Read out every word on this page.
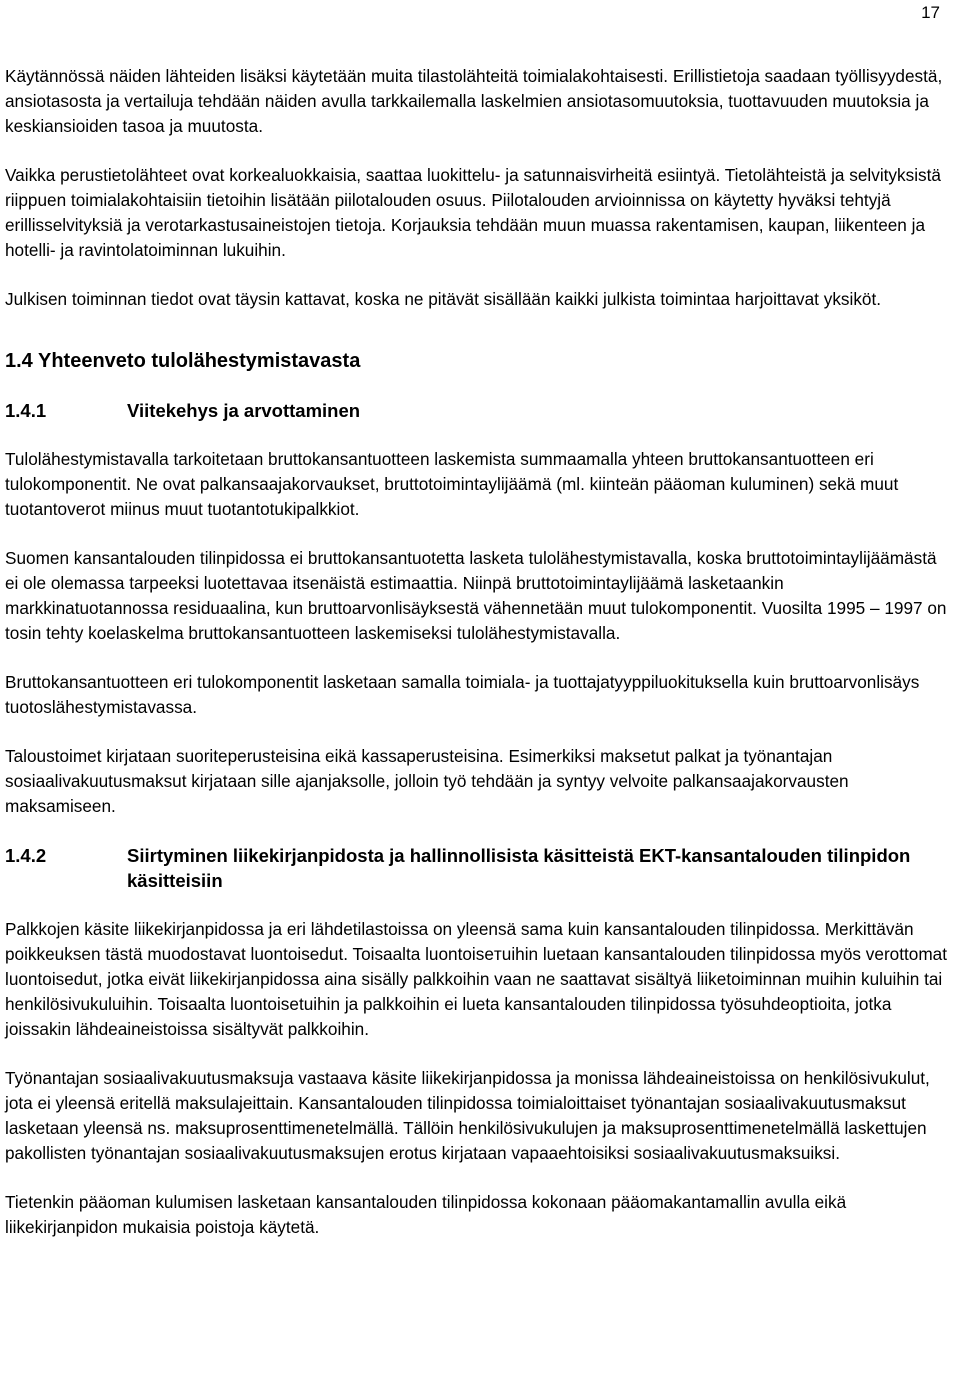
17

Käytännössä näiden lähteiden lisäksi käytetään muita tilastolähteitä toimialakohtaisesti. Erillistietoja saadaan työllisyydestä, ansiotasosta ja vertailuja tehdään näiden avulla tarkkailemalla laskelmien ansiotasomuutoksia, tuottavuuden muutoksia ja keskiansioiden tasoa ja muutosta.

Vaikka perustietolähteet ovat korkealuokkaisia, saattaa luokittelu- ja satunnaisvirheitä esiintyä. Tietolähteistä ja selvityksistä riippuen toimialakohtaisiin tietoihin lisätään piilotalouden osuus. Piilotalouden arvioinnissa on käytetty hyväksi tehtyjä erillisselvityksiä ja verotarkastusaineistojen tietoja. Korjauksia tehdään muun muassa rakentamisen, kaupan, liikenteen ja hotelli- ja ravintolatoiminnan lukuihin.

Julkisen toiminnan tiedot ovat täysin kattavat, koska ne pitävät sisällään kaikki julkista toimintaa harjoittavat yksiköt.

1.4 Yhteenveto tulolähestymistavasta
1.4.1	Viitekehys ja arvottaminen

Tulolähestymistavalla tarkoitetaan bruttokansantuotteen laskemista summaamalla yhteen bruttokansantuotteen eri tulokomponentit. Ne ovat palkansaajakorvaukset, bruttotoimintaylijäämä (ml. kiinteän pääoman kuluminen) sekä muut tuotantoverot miinus muut tuotantotukipalkkiot.

Suomen kansantalouden tilinpidossa ei bruttokansantuotetta lasketa tulolähestymistavalla, koska bruttotoimintaylijäämästä ei ole olemassa tarpeeksi luotettavaa itsenäistä estimaattia. Niinpä bruttotoimintaylijäämä lasketaankin markkinatuotannossa residuaalina, kun bruttoarvonlisäyksestä vähennetään muut tulokomponentit. Vuosilta 1995 – 1997 on tosin tehty koelaskelma bruttokansantuotteen laskemiseksi tulolähestymistavalla.

Bruttokansantuotteen eri tulokomponentit lasketaan samalla toimiala- ja tuottajatyyppiluokituksella kuin bruttoarvonlisäys tuotoslähestymistavassa.

Taloustoimet kirjataan suoriteperusteisina eikä kassaperusteisina. Esimerkiksi maksetut palkat ja työnantajan sosiaalivakuutusmaksut kirjataan sille ajanjaksolle, jolloin työ tehdään ja syntyy velvoite palkansaajakorvausten maksamiseen.

1.4.2	Siirtyminen liikekirjanpidosta ja hallinnollisista käsitteistä EKT-kansantalouden tilinpidon käsitteisiin

Palkkojen käsite liikekirjanpidossa ja eri lähdetilastoissa on yleensä sama kuin kansantalouden tilinpidossa. Merkittävän poikkeuksen tästä muodostavat luontoisedut. Toisaalta luontoiseтuihin luetaan kansantalouden tilinpidossa myös verottomat luontoisedut, jotka eivät liikekirjanpidossa aina sisälly palkkoihin vaan ne saattavat sisältyä liiketoiminnan muihin kuluihin tai henkilösivukuluihin. Toisaalta luontoisetuihin ja palkkoihin ei lueta kansantalouden tilinpidossa työsuhdeoptioita, jotka joissakin lähdeaineistoissa sisältyvät palkkoihin.

Työnantajan sosiaalivakuutusmaksuja vastaava käsite liikekirjanpidossa ja monissa lähdeaineistoissa on henkilösivukulut, jota ei yleensä eritellä maksulajeittain. Kansantalouden tilinpidossa toimialoittaiset työnantajan sosiaalivakuutusmaksut lasketaan yleensä ns. maksuprosenttimenetelmällä. Tällöin henkilösivukulujen ja maksuprosenttimenetelmällä laskettujen pakollisten työnantajan sosiaalivakuutusmaksujen erotus kirjataan vapaaehtoisiksi sosiaalivakuutusmaksuiksi.

Tietenkin pääoman kulumisen lasketaan kansantalouden tilinpidossa kokonaan pääomakantamallin avulla eikä liikekirjanpidon mukaisia poistoja käytetä.
